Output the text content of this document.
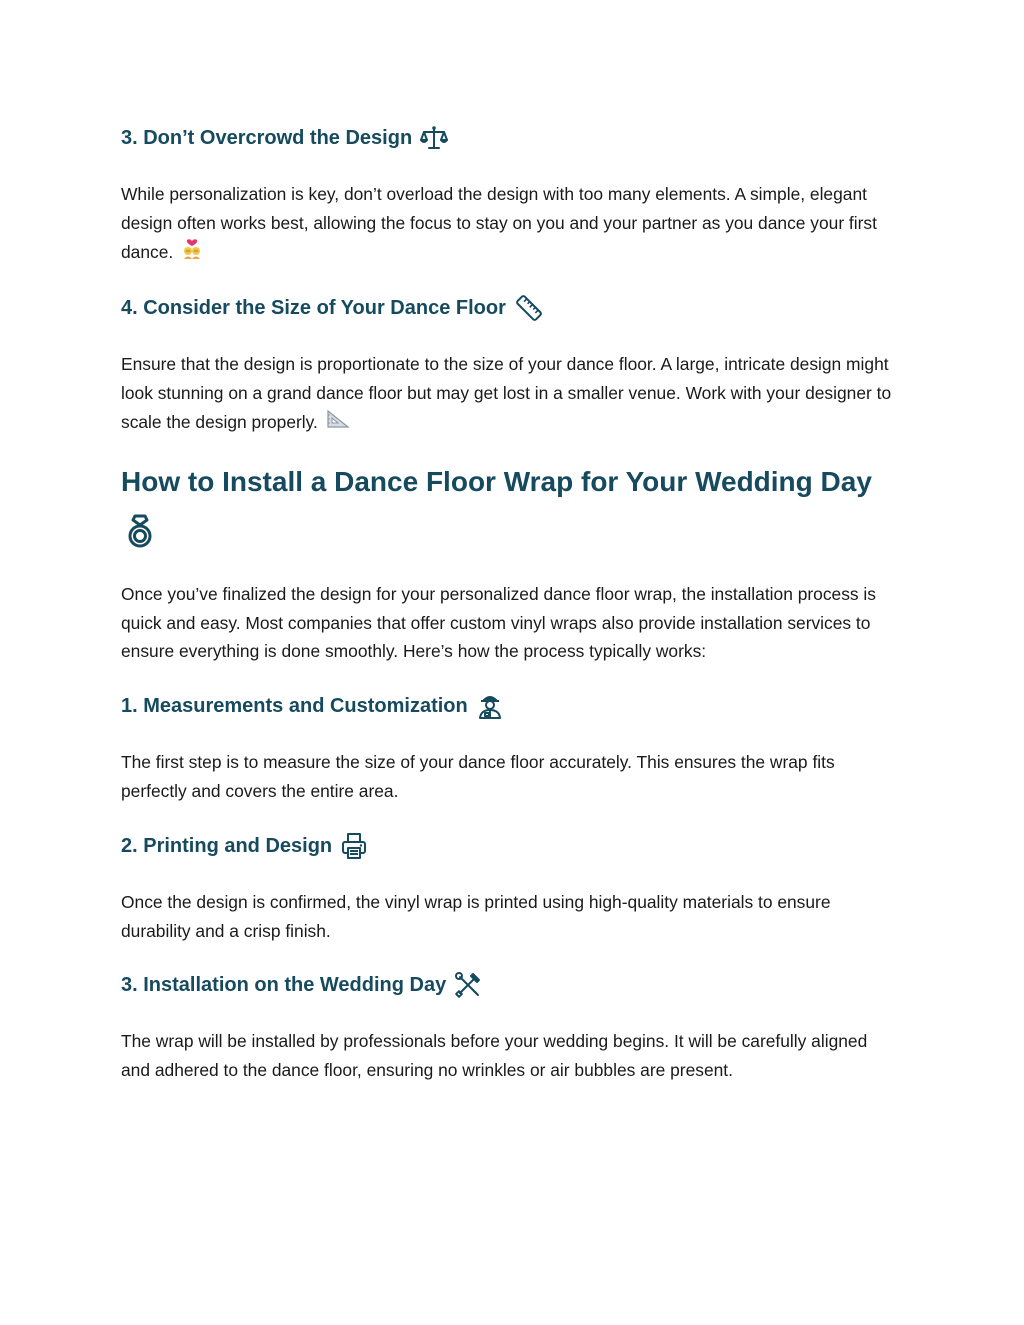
3. Don’t Overcrowd the Design

While personalization is key, don’t overload the design with too many elements. A simple, elegant design often works best, allowing the focus to stay on you and your partner as you dance your first dance.

4. Consider the Size of Your Dance Floor

Ensure that the design is proportionate to the size of your dance floor. A large, intricate design might look stunning on a grand dance floor but may get lost in a smaller venue. Work with your designer to scale the design properly.

How to Install a Dance Floor Wrap for Your Wedding Day

Once you’ve finalized the design for your personalized dance floor wrap, the installation process is quick and easy. Most companies that offer custom vinyl wraps also provide installation services to ensure everything is done smoothly. Here’s how the process typically works:

1. Measurements and Customization

The first step is to measure the size of your dance floor accurately. This ensures the wrap fits perfectly and covers the entire area.

2. Printing and Design

Once the design is confirmed, the vinyl wrap is printed using high-quality materials to ensure durability and a crisp finish.

3. Installation on the Wedding Day

The wrap will be installed by professionals before your wedding begins. It will be carefully aligned and adhered to the dance floor, ensuring no wrinkles or air bubbles are present.
